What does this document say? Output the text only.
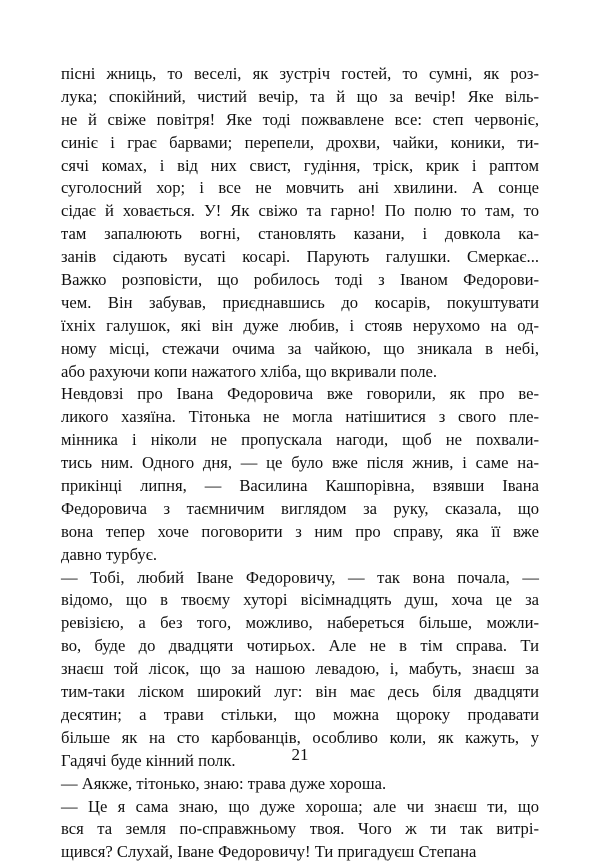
пісні жниць, то веселі, як зустріч гостей, то сумні, як роз-
лука; спокійний, чистий вечір, та й що за вечір! Яке віль-
не й свіже повітря! Яке тоді пожвавлене все: степ червоніє,
синіє і грає барвами; перепели, дрохви, чайки, коники, ти-
сячі комах, і від них свист, гудіння, тріск, крик і раптом
суголосний хор; і все не мовчить ані хвилини. А сонце
сідає й ховається. У! Як свіжо та гарно! По полю то там, то
там запалюють вогні, становлять казани, і довкола ка-
занів сідають вусаті косарі. Парують галушки. Смеркає...
Важко розповісти, що робилось тоді з Іваном Федорови-
чем. Він забував, приєднавшись до косарів, покуштувати
їхніх галушок, які він дуже любив, і стояв нерухомо на од-
ному місці, стежачи очима за чайкою, що зникала в небі,
або рахуючи копи нажатого хліба, що вкривали поле.
Невдовзі про Івана Федоровича вже говорили, як про ве-
ликого хазяїна. Тітонька не могла натішитися з свого пле-
мінника і ніколи не пропускала нагоди, щоб не похвали-
тись ним. Одного дня, — це було вже після жнив, і саме на-
прикінці липня, — Василина Кашпорівна, взявши Івана
Федоровича з таємничим виглядом за руку, сказала, що
вона тепер хоче поговорити з ним про справу, яка її вже
давно турбує.
— Тобі, любий Іване Федоровичу, — так вона почала, —
відомо, що в твоєму хуторі вісімнадцять душ, хоча це за
ревізією, а без того, можливо, набереться більше, можли-
во, буде до двадцяти чотирьох. Але не в тім справа. Ти
знаєш той лісок, що за нашою левадою, і, мабуть, знаєш за
тим-таки ліском широкий луг: він має десь біля двадцяти
десятин; а трави стільки, що можна щороку продавати
більше як на сто карбованців, особливо коли, як кажуть, у
Гадячі буде кінний полк.
— Аякже, тітонько, знаю: трава дуже хороша.
— Це я сама знаю, що дуже хороша; але чи знаєш ти, що
вся та земля по-справжньому твоя. Чого ж ти так витрі-
щився? Слухай, Іване Федоровичу! Ти пригадуєш Степана
21
